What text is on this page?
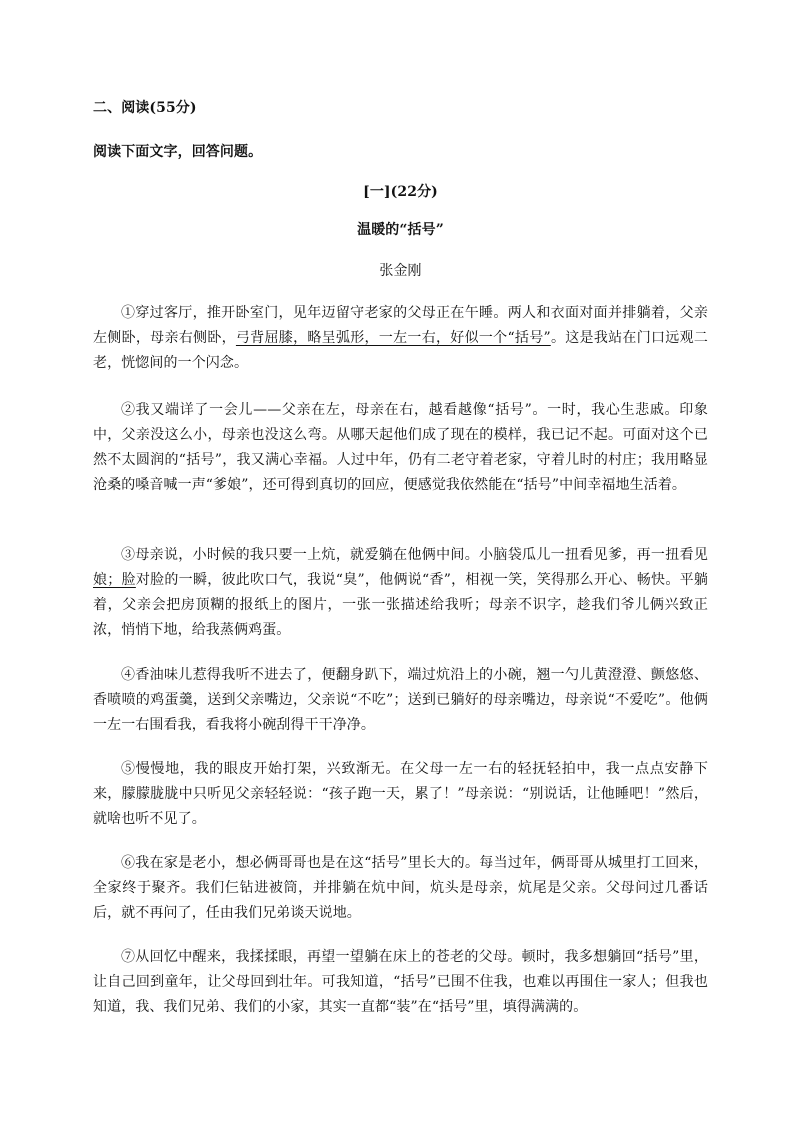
二、阅读(55分)
阅读下面文字，回答问题。
[一](22分)
温暖的“括号”
张金刚
①穿过客厅，推开卧室门，见年迈留守老家的父母正在午睡。两人和衣面对面并排躺着，父亲左侧卧，母亲右侧卧，弓背屈膝，略呈弧形，一左一右，好似一个“括号”。这是我站在门口远观二老，恍惚间的一个闪念。
②我又端详了一会儿——父亲在左，母亲在右，越看越像“括号”。一时，我心生悲戚。印象中，父亲没这么小，母亲也没这么弯。从哪天起他们成了现在的模样，我已记不起。可面对这个已然不太圆润的“括号”，我又满心幸福。人过中年，仍有二老守着老家，守着儿时的村庄；我用略显沧桑的嗓音喊一声“爹娘”，还可得到真切的回应，便感觉我依然能在“括号”中间幸福地生活着。
③母亲说，小时候的我只要一上炕，就爱躺在他俩中间。小脑袋瓜儿一扭看见爹，再一扭看见娘；脸对脸的一瞬，彼此吹口气，我说“臭”，他俩说“香”，相视一笑，笑得那么开心、畅快。平躺着，父亲会把房顶糊的报纸上的图片，一张一张描述给我听；母亲不识字，趁我们爷儿俩兴致正浓，悄悄下地，给我蒸俩鸡蛋。
④香油味儿惹得我听不进去了，便翻身趴下，端过炕沿上的小碗，翘一勺儿黄澄澄、颤悠悠、香喷喷的鸡蛋羹，送到父亲嘴边，父亲说“不吃”；送到已躺好的母亲嘴边，母亲说“不爱吃”。他俩一左一右围看我，看我将小碗刮得干干净净。
⑤慢慢地，我的眼皮开始打架，兴致渐无。在父母一左一右的轻抚轻拍中，我一点点安静下来，朦朦胧胧中只听见父亲轻轻说：“孩子跑一天，累了！”母亲说：“别说话，让他睡吧！”然后，就啥也听不见了。
⑥我在家是老小，想必俩哥哥也是在这“括号”里长大的。每当过年，俩哥哥从城里打工回来，全家终于聚齐。我们仨钻进被筒，并排躺在炕中间，炕头是母亲，炕尾是父亲。父母问过几番话后，就不再问了，任由我们兄弟谈天说地。
⑦从回忆中醒来，我揉揉眼，再望一望躺在床上的苍老的父母。顿时，我多想躺回“括号”里，让自己回到童年，让父母回到壮年。可我知道，“括号”已围不住我，也难以再围住一家人；但我也知道，我、我们兄弟、我们的小家，其实一直都“装”在“括号”里，填得满满的。
